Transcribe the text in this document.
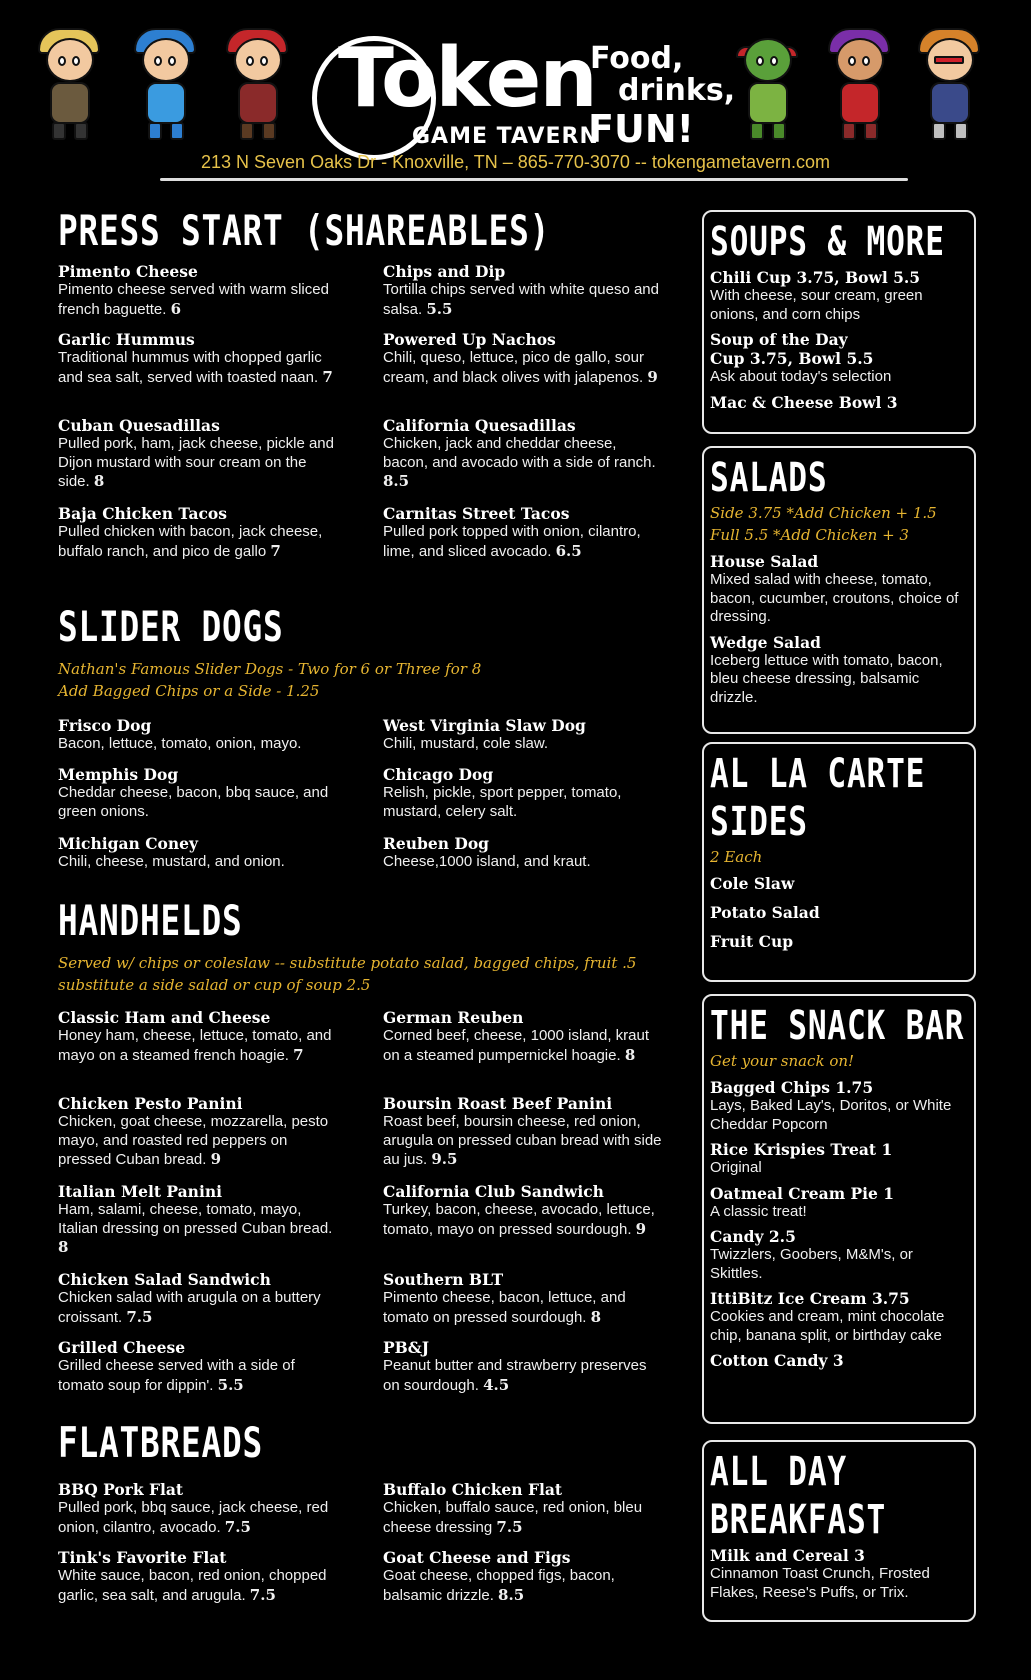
Token
GAME TAVERN
Food,
drinks,
FUN!
213 N Seven Oaks Dr - Knoxville, TN – 865-770-3070 -- tokengametavern.com
PRESS START (SHAREABLES)
Pimento Cheese
Pimento cheese served with warm sliced french baguette. 6
Chips and Dip
Tortilla chips served with white queso and salsa. 5.5
Garlic Hummus
Traditional hummus with chopped garlic and sea salt, served with toasted naan. 7
Powered Up Nachos
Chili, queso, lettuce, pico de gallo, sour cream, and black olives with jalapenos. 9
Cuban Quesadillas
Pulled pork, ham, jack cheese, pickle and Dijon mustard with sour cream on the side. 8
California Quesadillas
Chicken, jack and cheddar cheese, bacon, and avocado with a side of ranch. 8.5
Baja Chicken Tacos
Pulled chicken with bacon, jack cheese, buffalo ranch, and pico de gallo 7
Carnitas Street Tacos
Pulled pork topped with onion, cilantro, lime, and sliced avocado. 6.5
SLIDER DOGS
Nathan's Famous Slider Dogs - Two for 6 or Three for 8
Add Bagged Chips or a Side - 1.25
Frisco Dog
Bacon, lettuce, tomato, onion, mayo.
West Virginia Slaw Dog
Chili, mustard, cole slaw.
Memphis Dog
Cheddar cheese, bacon, bbq sauce, and green onions.
Chicago Dog
Relish, pickle, sport pepper, tomato, mustard, celery salt.
Michigan Coney
Chili, cheese, mustard, and onion.
Reuben Dog
Cheese,1000 island, and kraut.
HANDHELDS
Served w/ chips or coleslaw -- substitute potato salad, bagged chips, fruit .5
substitute a side salad or cup of soup 2.5
Classic Ham and Cheese
Honey ham, cheese, lettuce, tomato, and mayo on a steamed french hoagie. 7
German Reuben
Corned beef, cheese, 1000 island, kraut on a steamed pumpernickel hoagie. 8
Chicken Pesto Panini
Chicken, goat cheese, mozzarella, pesto mayo, and roasted red peppers on pressed Cuban bread. 9
Boursin Roast Beef Panini
Roast beef, boursin cheese, red onion, arugula on pressed cuban bread with side au jus. 9.5
Italian Melt Panini
Ham, salami, cheese, tomato, mayo, Italian dressing on pressed Cuban bread. 8
California Club Sandwich
Turkey, bacon, cheese, avocado, lettuce, tomato, mayo on pressed sourdough. 9
Chicken Salad Sandwich
Chicken salad with arugula on a buttery croissant. 7.5
Southern BLT
Pimento cheese, bacon, lettuce, and tomato on pressed sourdough. 8
Grilled Cheese
Grilled cheese served with a side of tomato soup for dippin'. 5.5
PB&J
Peanut butter and strawberry preserves on sourdough. 4.5
FLATBREADS
BBQ Pork Flat
Pulled pork, bbq sauce, jack cheese, red onion, cilantro, avocado. 7.5
Buffalo Chicken Flat
Chicken, buffalo sauce, red onion, bleu cheese dressing 7.5
Tink's Favorite Flat
White sauce, bacon, red onion, chopped garlic, sea salt, and arugula. 7.5
Goat Cheese and Figs
Goat cheese, chopped figs, bacon, balsamic drizzle. 8.5
SOUPS & MORE
Chili Cup 3.75, Bowl 5.5
With cheese, sour cream, green onions, and corn chips
Soup of the Day
Cup 3.75, Bowl 5.5
Ask about today's selection
Mac & Cheese Bowl 3
SALADS
Side 3.75 *Add Chicken + 1.5
Full 5.5 *Add Chicken + 3
House Salad
Mixed salad with cheese, tomato, bacon, cucumber, croutons, choice of dressing.
Wedge Salad
Iceberg lettuce with tomato, bacon, bleu cheese dressing, balsamic drizzle.
AL LA CARTE
SIDES
2 Each
Cole Slaw
Potato Salad
Fruit Cup
THE SNACK BAR
Get your snack on!
Bagged Chips 1.75
Lays, Baked Lay's, Doritos, or White Cheddar Popcorn
Rice Krispies Treat 1
Original
Oatmeal Cream Pie 1
A classic treat!
Candy 2.5
Twizzlers, Goobers, M&M's, or Skittles.
IttiBitz Ice Cream 3.75
Cookies and cream, mint chocolate chip, banana split, or birthday cake
Cotton Candy 3
ALL DAY
BREAKFAST
Milk and Cereal 3
Cinnamon Toast Crunch, Frosted Flakes, Reese's Puffs, or Trix.
